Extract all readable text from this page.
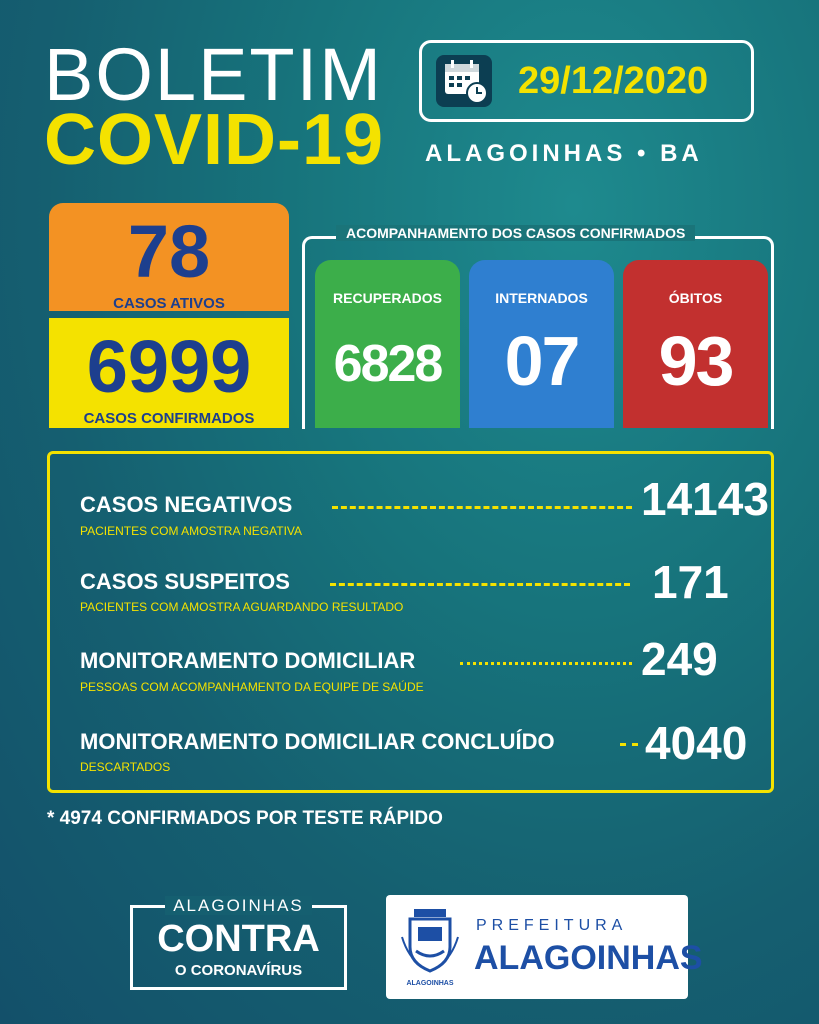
BOLETIM
COVID-19
29/12/2020
ALAGOINHAS • BA
78
CASOS ATIVOS
6999
CASOS CONFIRMADOS
ACOMPANHAMENTO DOS CASOS CONFIRMADOS
RECUPERADOS
6828
INTERNADOS
07
ÓBITOS
93
CASOS NEGATIVOS
PACIENTES COM AMOSTRA NEGATIVA
14143
CASOS SUSPEITOS
PACIENTES COM AMOSTRA AGUARDANDO RESULTADO	171
MONITORAMENTO DOMICILIAR
PESSOAS COM ACOMPANHAMENTO DA EQUIPE DE SAÚDE
249
MONITORAMENTO DOMICILIAR CONCLUÍDO
DESCARTADOS	4040
* 4974 CONFIRMADOS POR TESTE RÁPIDO
ALAGOINHAS
CONTRA
O CORONAVÍRUS
ALAGOINHAS
PREFEITURA
ALAGOINHAS
